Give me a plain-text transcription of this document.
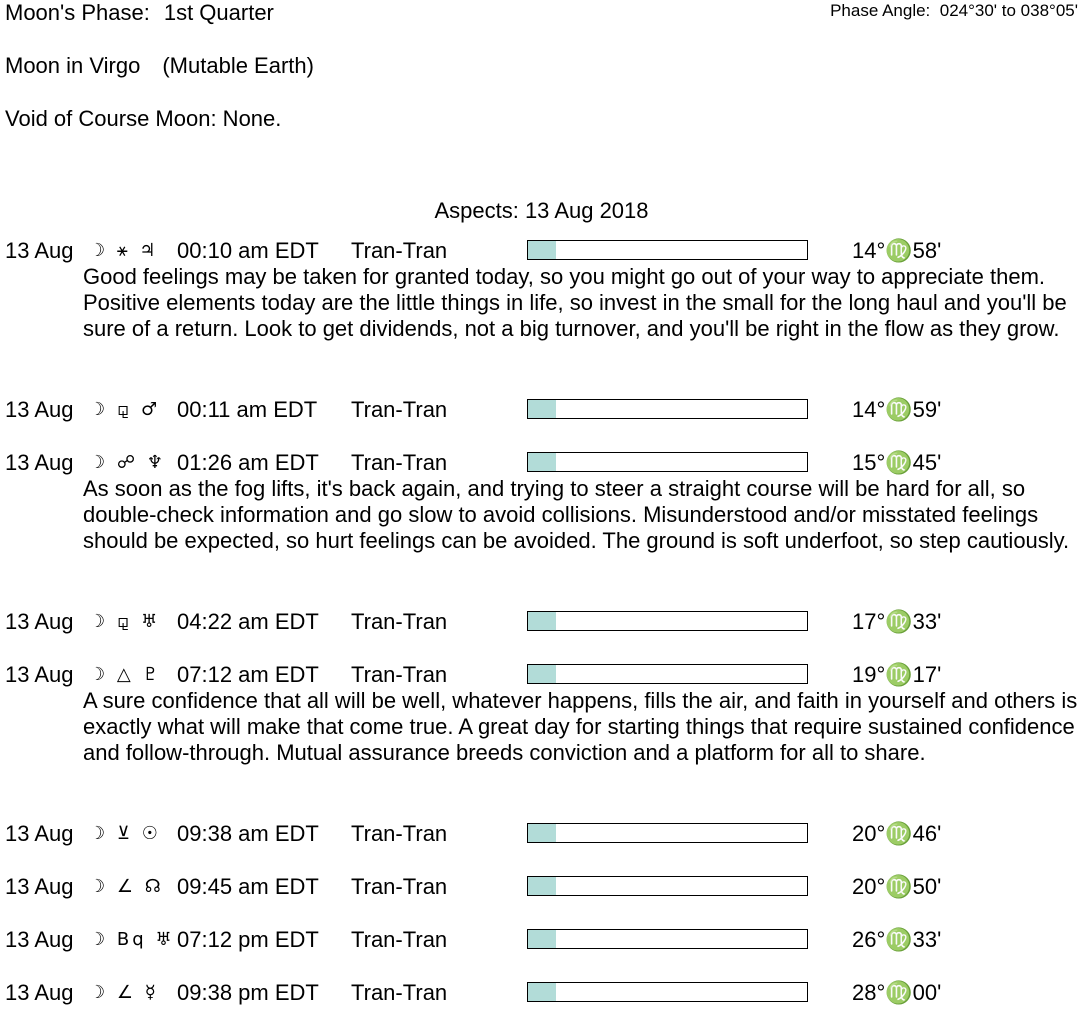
Moon's Phase: 1st Quarter	Phase Angle: 024°30' to 038°05'
Moon in Virgo (Mutable Earth)
Void of Course Moon: None.
Aspects: 13 Aug 2018
13 Aug ☽ ⚹ ♃ 00:10 am EDT Tran-Tran	14°♍58'

Good feelings may be taken for granted today, so you might go out of your way to appreciate them. Positive elements today are the little things in life, so invest in the small for the long haul and you'll be sure of a return. Look to get dividends, not a big turnover, and you'll be right in the flow as they grow.

13 Aug ☽ ⚼ ♂ 00:11 am EDT Tran-Tran	14°♍59'
13 Aug ☽ ☍ ♆ 01:26 am EDT Tran-Tran	15°♍45'

As soon as the fog lifts, it's back again, and trying to steer a straight course will be hard for all, so double-check information and go slow to avoid collisions. Misunderstood and/or misstated feelings should be expected, so hurt feelings can be avoided. The ground is soft underfoot, so step cautiously.

13 Aug ☽ ⚼ ♅ 04:22 am EDT Tran-Tran	17°♍33'
13 Aug ☽ △ ♇ 07:12 am EDT Tran-Tran	19°♍17'

A sure confidence that all will be well, whatever happens, fills the air, and faith in yourself and others is exactly what will make that come true. A great day for starting things that require sustained confidence and follow-through. Mutual assurance breeds conviction and a platform for all to share.

13 Aug ☽ ⊻ ☉ 09:38 am EDT Tran-Tran	20°♍46'
13 Aug ☽ ∠ ☊ 09:45 am EDT Tran-Tran	20°♍50'
13 Aug ☽ Bq ♅ 07:12 pm EDT Tran-Tran	26°♍33'
13 Aug ☽ ∠ ☿ 09:38 pm EDT Tran-Tran	28°♍00'
